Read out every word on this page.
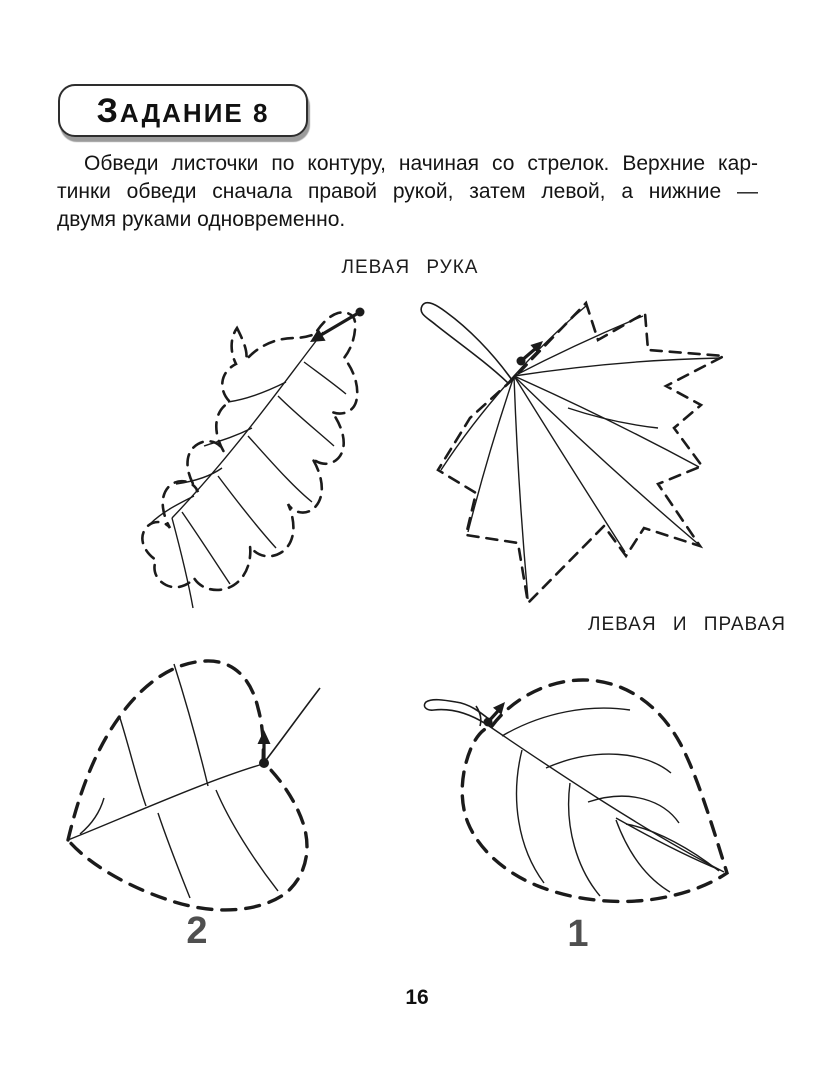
ЗАДАНИЕ 8
Обведи листочки по контуру, начиная со стрелок. Верхние кар-
тинки обведи сначала правой рукой, затем левой, а нижние —
двумя руками одновременно.
ЛЕВАЯ РУКА
ЛЕВАЯ И ПРАВАЯ
2	1
16
